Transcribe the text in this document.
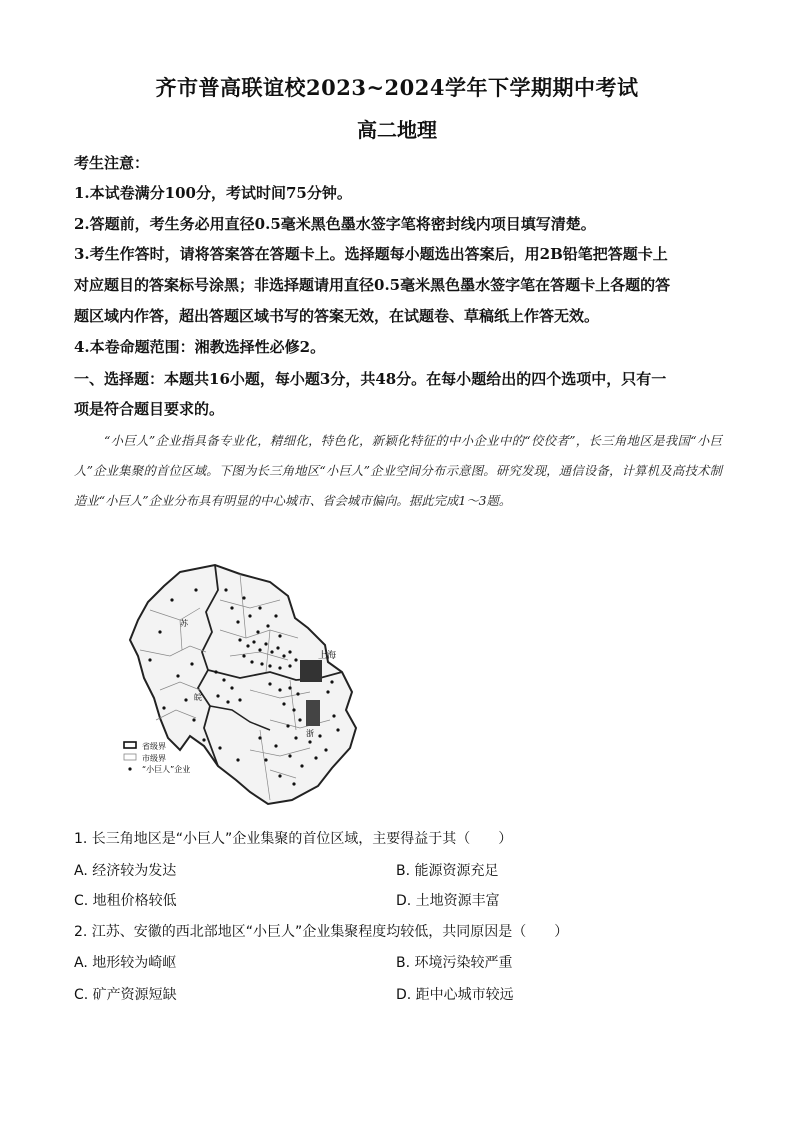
齐市普高联谊校2023~2024学年下学期期中考试
高二地理
考生注意：
1.本试卷满分100分，考试时间75分钟。
2.答题前，考生务必用直径0.5毫米黑色墨水签字笔将密封线内项目填写清楚。
3.考生作答时，请将答案答在答题卡上。选择题每小题选出答案后，用2B铅笔把答题卡上
对应题目的答案标号涂黑；非选择题请用直径0.5毫米黑色墨水签字笔在答题卡上各题的答
题区域内作答，超出答题区域书写的答案无效，在试题卷、草稿纸上作答无效。
4.本卷命题范围：湘教选择性必修2。
一、选择题：本题共16小题，每小题3分，共48分。在每小题给出的四个选项中，只有一
项是符合题目要求的。
“小巨人”企业指具备专业化，精细化，特色化，新颖化特征的中小企业中的“佼佼者”，长三角地区是我国“小巨人”企业集聚的首位区域。下图为长三角地区“小巨人”企业空间分布示意图。研究发现，通信设备，计算机及高技术制造业“小巨人”企业分布具有明显的中心城市、省会城市偏向。据此完成1～3题。
上海
苏
皖
浙
省级界
市级界
“小巨人”企业
1. 长三角地区是“小巨人”企业集聚的首位区域，主要得益于其（　　）
A. 经济较为发达	B. 能源资源充足
C. 地租价格较低	D. 土地资源丰富
2. 江苏、安徽的西北部地区“小巨人”企业集聚程度均较低，共同原因是（　　）
A. 地形较为崎岖	B. 环境污染较严重
C. 矿产资源短缺	D. 距中心城市较远
